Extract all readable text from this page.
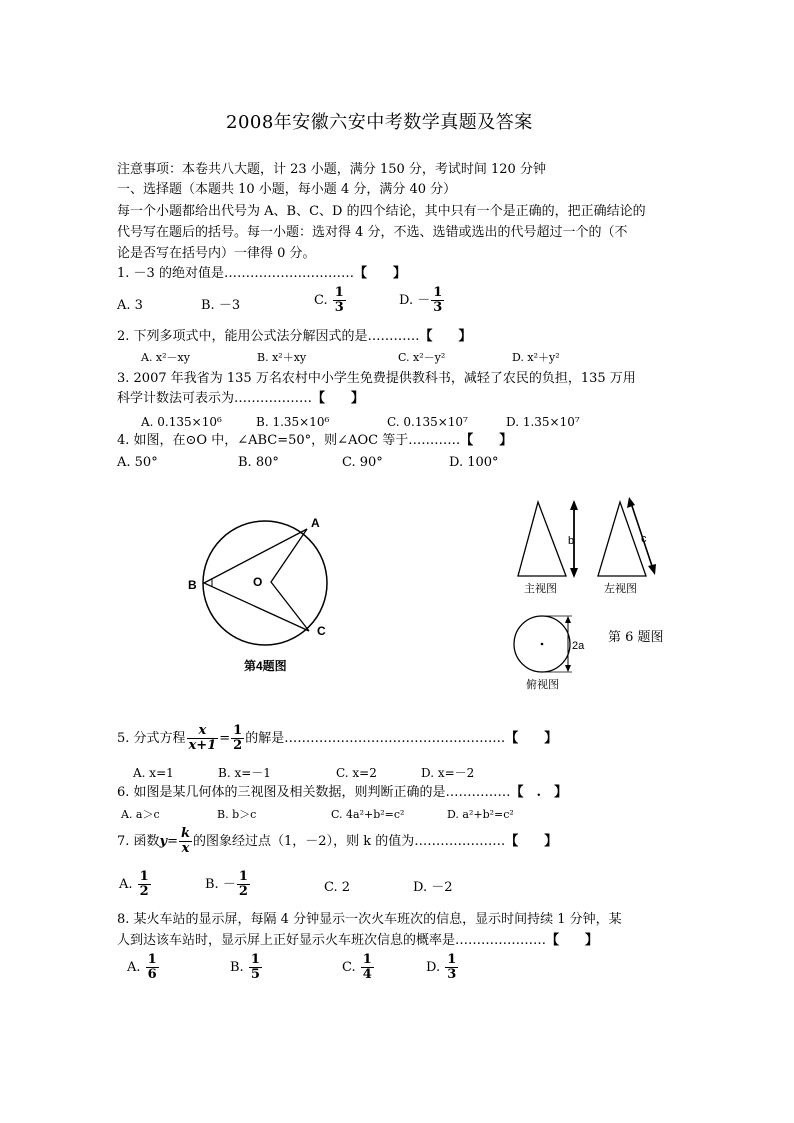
2008年安徽六安中考数学真题及答案
注意事项：本卷共八大题，计 23 小题，满分 150 分，考试时间 120 分钟
一、选择题（本题共 10 小题，每小题 4 分，满分 40 分）
每一个小题都给出代号为 A、B、C、D 的四个结论，其中只有一个是正确的，把正确结论的
代号写在题后的括号。每一小题：选对得 4 分，不选、选错或选出的代号超过一个的（不
论是否写在括号内）一律得 0 分。
1. －3 的绝对值是…………………………【　　】
A. 3	B. －3	C. $\frac{1}{3}$	D. － $\frac{1}{3}$
2. 下列多项式中，能用公式法分解因式的是…………【　　】
A. x²－xy	B. x²＋xy	C. x²－y²	D. x²＋y²
3. 2007 年我省为 135 万名农村中小学生免费提供教科书，减轻了农民的负担，135 万用
科学计数法可表示为………………【　　】
A. 0.135×10⁶	B. 1.35×10⁶	C. 0.135×10⁷	D. 1.35×10⁷
4. 如图，在⊙O 中，∠ABC=50°，则∠AOC 等于…………【　　】
A. 50°	B. 80°	C. 90°	D. 100°
A
B
C
O
第4题图
b
主视图
c
左视图
2a
俯视图
第 6 题图
5. 分式方程 $\frac{x}{x+1} = \frac{1}{2}$ 的解是……………………………………………【　　】
A. x=1	B. x=－1	C. x=2	D. x=－2
6. 如图是某几何体的三视图及相关数据，则判断正确的是……………【　.　】
A. a＞c	B. b＞c	C. 4a²+b²=c²	D. a²+b²=c²
7. 函数$y= \frac{k}{x}$ 的图象经过点（1，－2），则 k 的值为…………………【　　】
A. $\frac{1}{2}$	B. － $\frac{1}{2}$	C. 2	D. －2
8. 某火车站的显示屏，每隔 4 分钟显示一次火车班次的信息，显示时间持续 1 分钟，某
人到达该车站时，显示屏上正好显示火车班次信息的概率是…………………【　　】
A. $\frac{1}{6}$	B. $\frac{1}{5}$	C. $\frac{1}{4}$	D. $\frac{1}{3}$
